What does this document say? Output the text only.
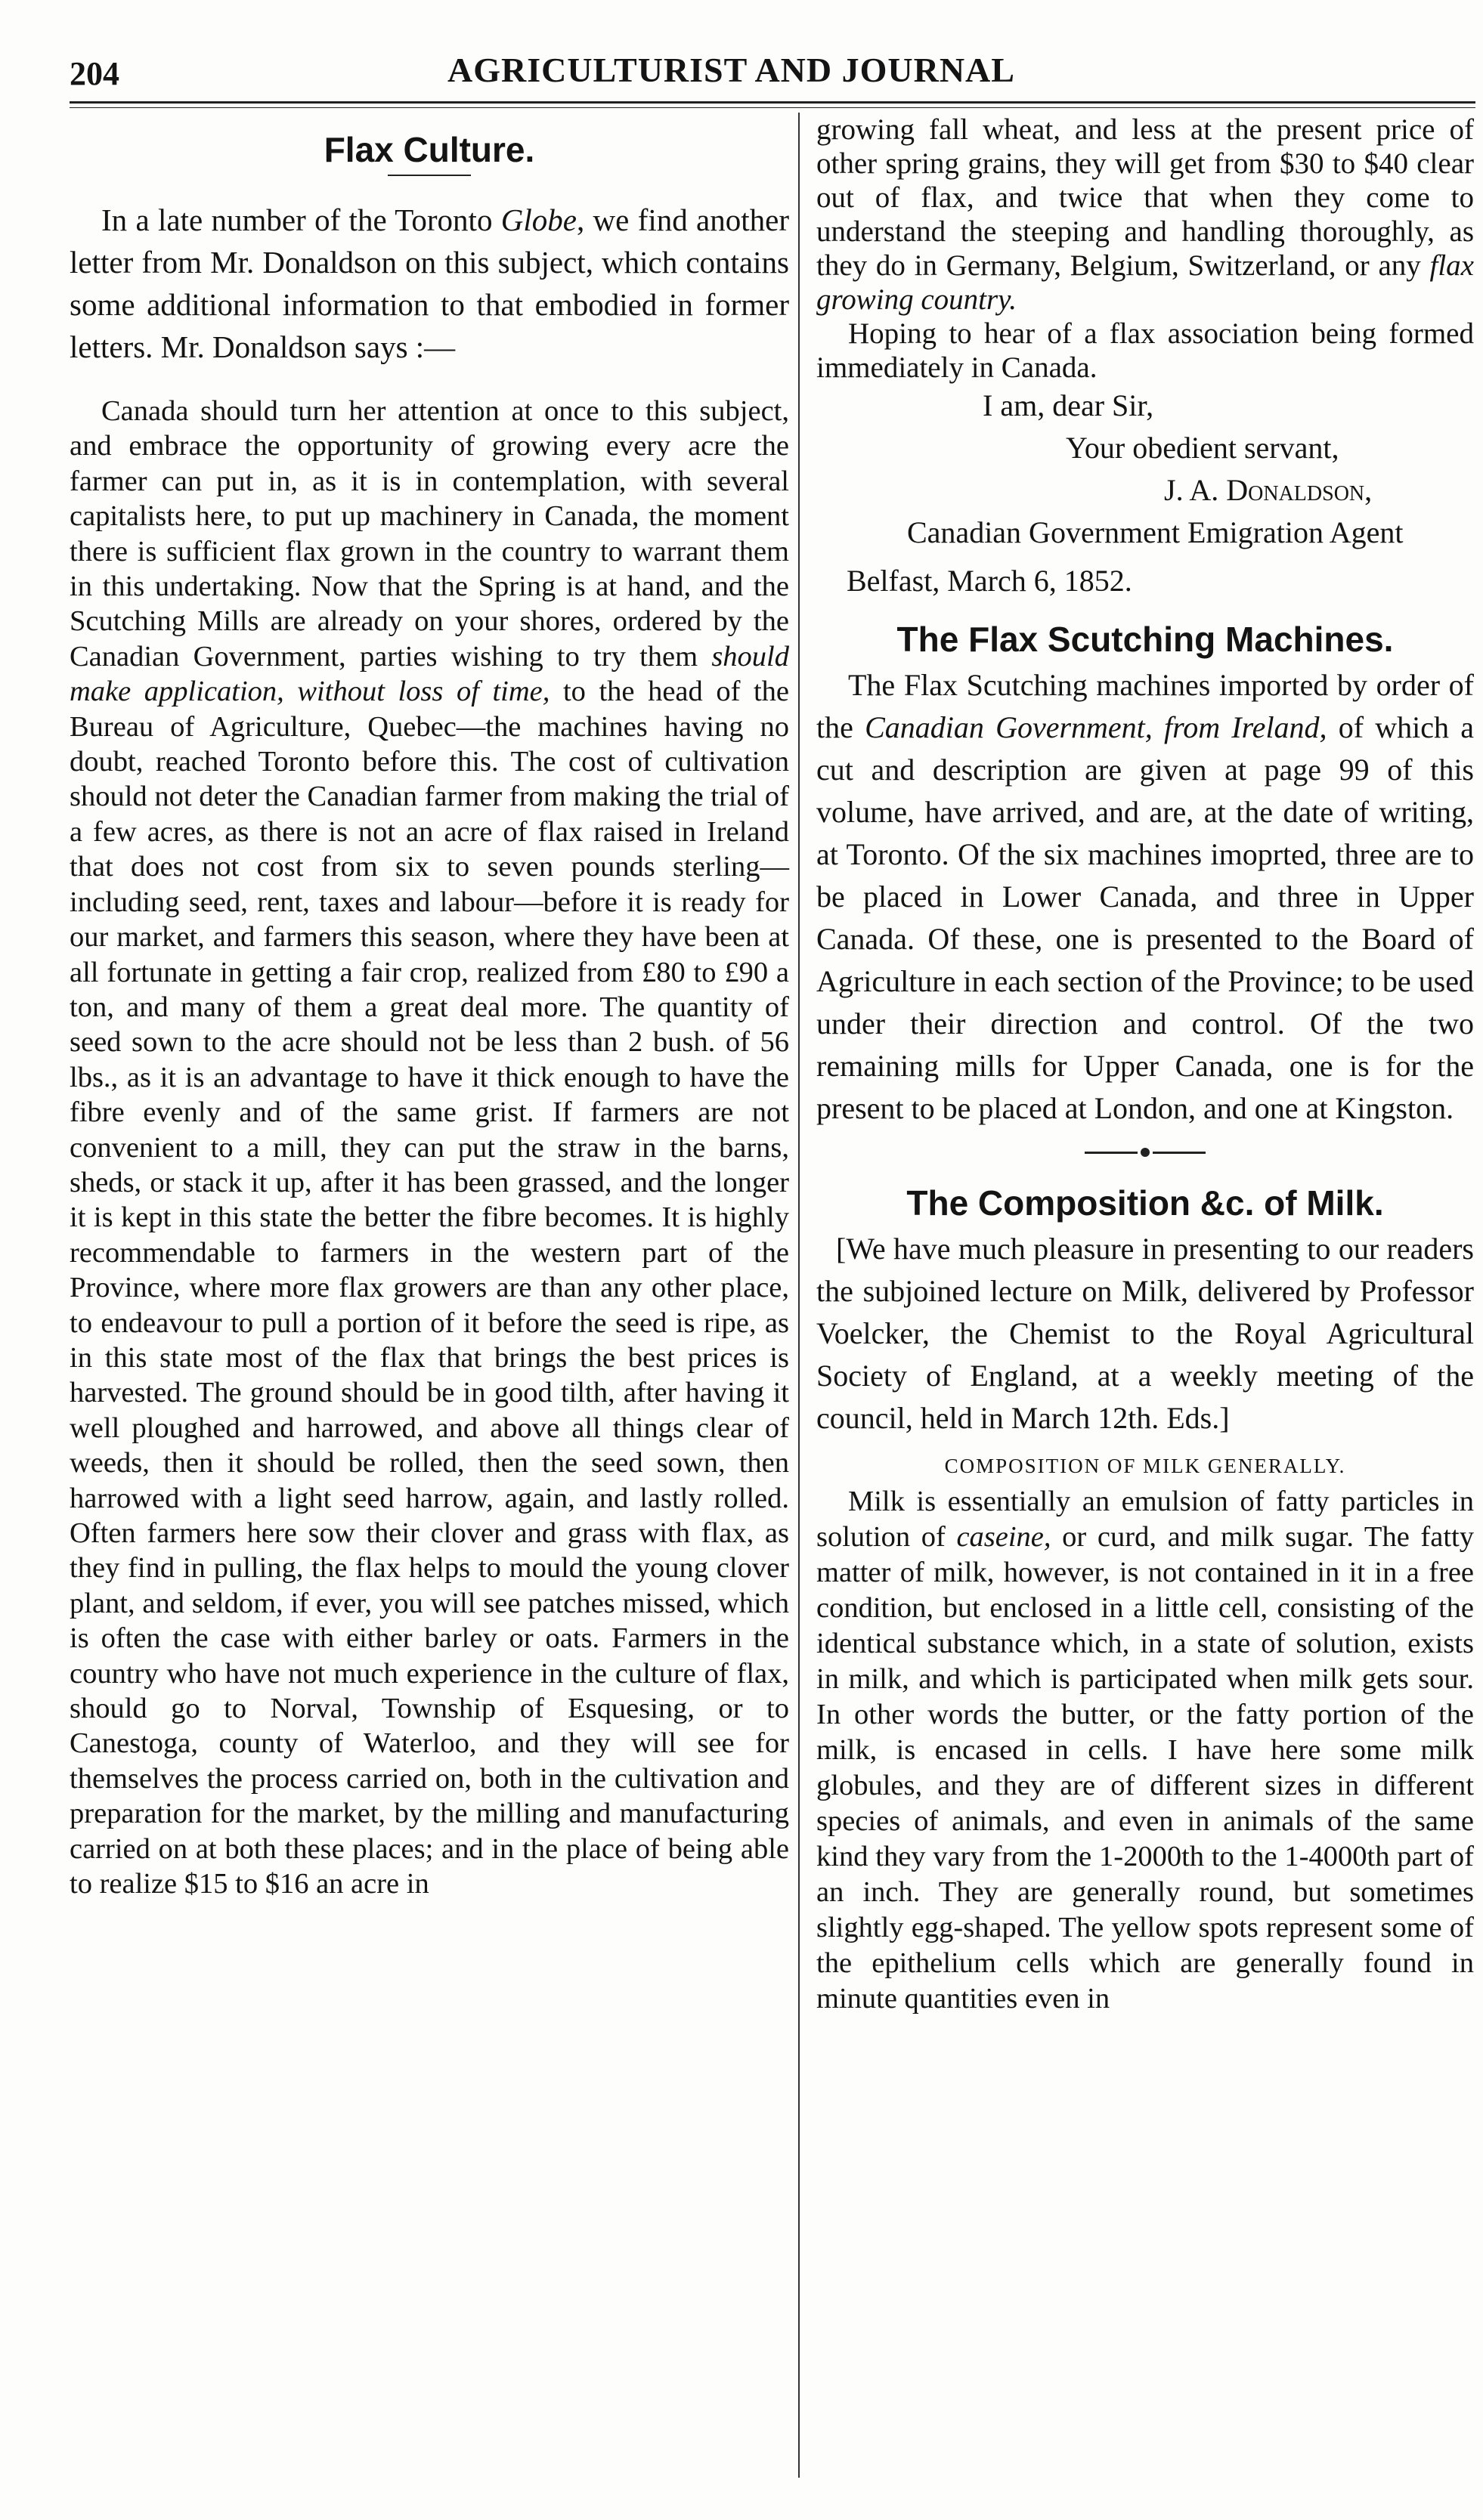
204	AGRICULTURIST AND JOURNAL
Flax Culture.

In a late number of the Toronto Globe, we find another letter from Mr. Donaldson on this subject, which contains some additional information to that embodied in former letters. Mr. Donaldson says :—

Canada should turn her attention at once to this subject, and embrace the opportunity of growing every acre the farmer can put in, as it is in contemplation, with several capitalists here, to put up machinery in Canada, the moment there is sufficient flax grown in the country to warrant them in this undertaking. Now that the Spring is at hand, and the Scutching Mills are already on your shores, ordered by the Canadian Government, parties wishing to try them should make application, without loss of time, to the head of the Bureau of Agriculture, Quebec—the machines having no doubt, reached Toronto before this. The cost of cultivation should not deter the Canadian farmer from making the trial of a few acres, as there is not an acre of flax raised in Ireland that does not cost from six to seven pounds sterling—including seed, rent, taxes and labour—before it is ready for our market, and farmers this season, where they have been at all fortunate in getting a fair crop, realized from £80 to £90 a ton, and many of them a great deal more. The quantity of seed sown to the acre should not be less than 2 bush. of 56 lbs., as it is an advantage to have it thick enough to have the fibre evenly and of the same grist. If farmers are not convenient to a mill, they can put the straw in the barns, sheds, or stack it up, after it has been grassed, and the longer it is kept in this state the better the fibre becomes. It is highly recommendable to farmers in the western part of the Province, where more flax growers are than any other place, to endeavour to pull a portion of it before the seed is ripe, as in this state most of the flax that brings the best prices is harvested. The ground should be in good tilth, after having it well ploughed and harrowed, and above all things clear of weeds, then it should be rolled, then the seed sown, then harrowed with a light seed harrow, again, and lastly rolled. Often farmers here sow their clover and grass with flax, as they find in pulling, the flax helps to mould the young clover plant, and seldom, if ever, you will see patches missed, which is often the case with either barley or oats. Farmers in the country who have not much experience in the culture of flax, should go to Norval, Township of Esquesing, or to Canestoga, county of Waterloo, and they will see for themselves the process carried on, both in the cultivation and preparation for the market, by the milling and manufacturing carried on at both these places; and in the place of being able to realize $15 to $16 an acre in

growing fall wheat, and less at the present price of other spring grains, they will get from $30 to $40 clear out of flax, and twice that when they come to understand the steeping and handling thoroughly, as they do in Germany, Belgium, Switzerland, or any flax growing country.

Hoping to hear of a flax association being formed immediately in Canada.

I am, dear Sir,
Your obedient servant,
J. A. Donaldson,
Canadian Government Emigration Agent
Belfast, March 6, 1852.
The Flax Scutching Machines.

The Flax Scutching machines imported by order of the Canadian Government, from Ireland, of which a cut and description are given at page 99 of this volume, have arrived, and are, at the date of writing, at Toronto. Of the six machines imoprted, three are to be placed in Lower Canada, and three in Upper Canada. Of these, one is presented to the Board of Agriculture in each section of the Province; to be used under their direction and control. Of the two remaining mills for Upper Canada, one is for the present to be placed at London, and one at Kingston.

The Composition &c. of Milk.

[We have much pleasure in presenting to our readers the subjoined lecture on Milk, delivered by Professor Voelcker, the Chemist to the Royal Agricultural Society of England, at a weekly meeting of the council, held in March 12th. Eds.]

COMPOSITION OF MILK GENERALLY.

Milk is essentially an emulsion of fatty particles in solution of caseine, or curd, and milk sugar. The fatty matter of milk, however, is not contained in it in a free condition, but enclosed in a little cell, consisting of the identical substance which, in a state of solution, exists in milk, and which is participated when milk gets sour. In other words the butter, or the fatty portion of the milk, is encased in cells. I have here some milk globules, and they are of different sizes in different species of animals, and even in animals of the same kind they vary from the 1-2000th to the 1-4000th part of an inch. They are generally round, but sometimes slightly egg-shaped. The yellow spots represent some of the epithelium cells which are generally found in minute quantities even in
